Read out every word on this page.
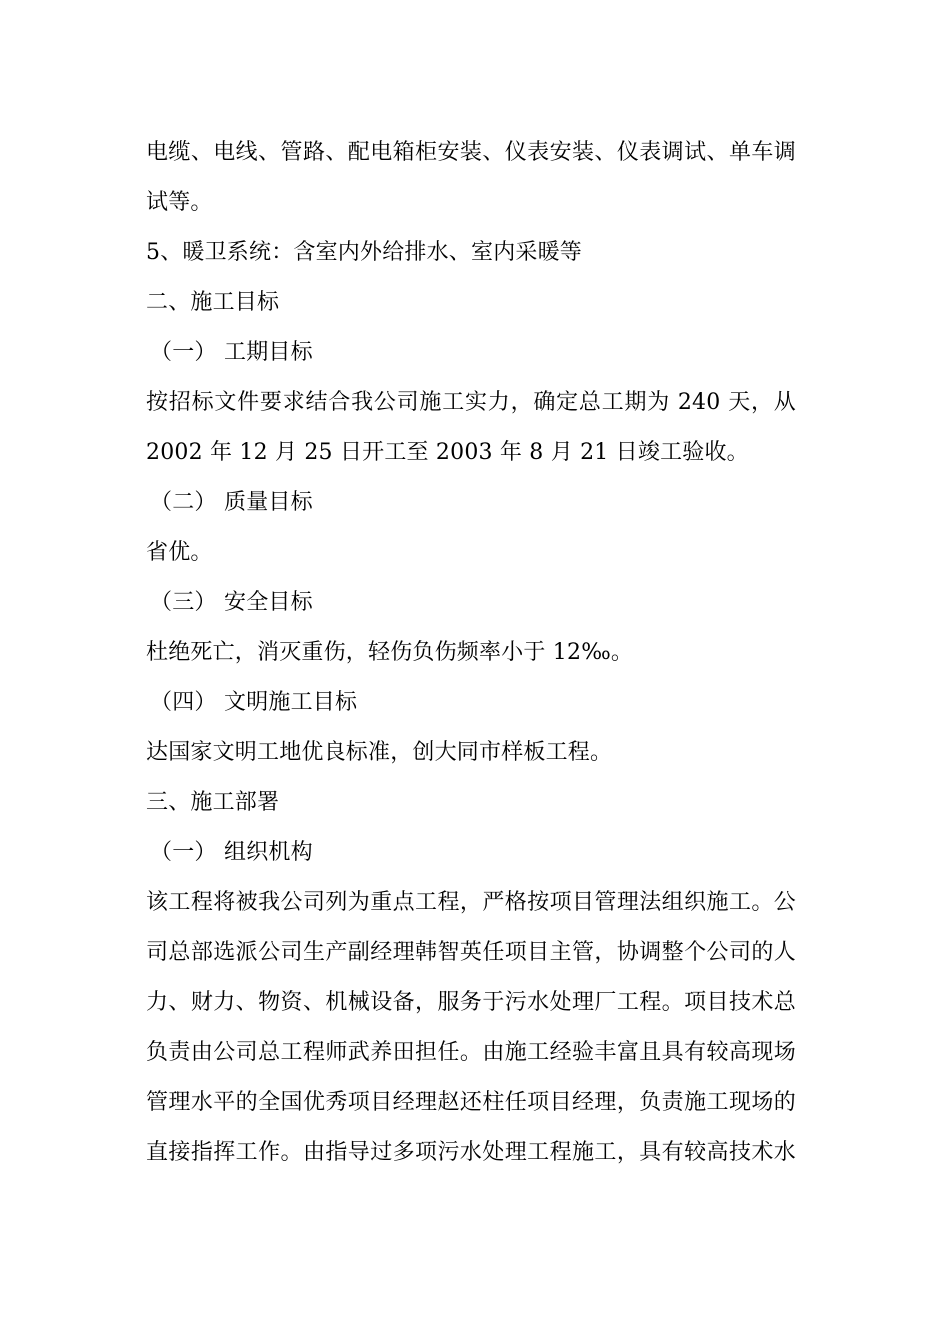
电缆、电线、管路、配电箱柜安装、仪表安装、仪表调试、单车调
试等。
5、暖卫系统：含室内外给排水、室内采暖等
二、施工目标
（一） 工期目标
按招标文件要求结合我公司施工实力，确定总工期为 240 天，从
2002 年 12 月 25 日开工至 2003 年 8 月 21 日竣工验收。
（二） 质量目标
省优。
（三） 安全目标
杜绝死亡，消灭重伤，轻伤负伤频率小于 12‰。
（四） 文明施工目标
达国家文明工地优良标准，创大同市样板工程。
三、施工部署
（一） 组织机构
该工程将被我公司列为重点工程，严格按项目管理法组织施工。公
司总部选派公司生产副经理韩智英任项目主管，协调整个公司的人
力、财力、物资、机械设备，服务于污水处理厂工程。项目技术总
负责由公司总工程师武养田担任。由施工经验丰富且具有较高现场
管理水平的全国优秀项目经理赵还柱任项目经理，负责施工现场的
直接指挥工作。由指导过多项污水处理工程施工，具有较高技术水
